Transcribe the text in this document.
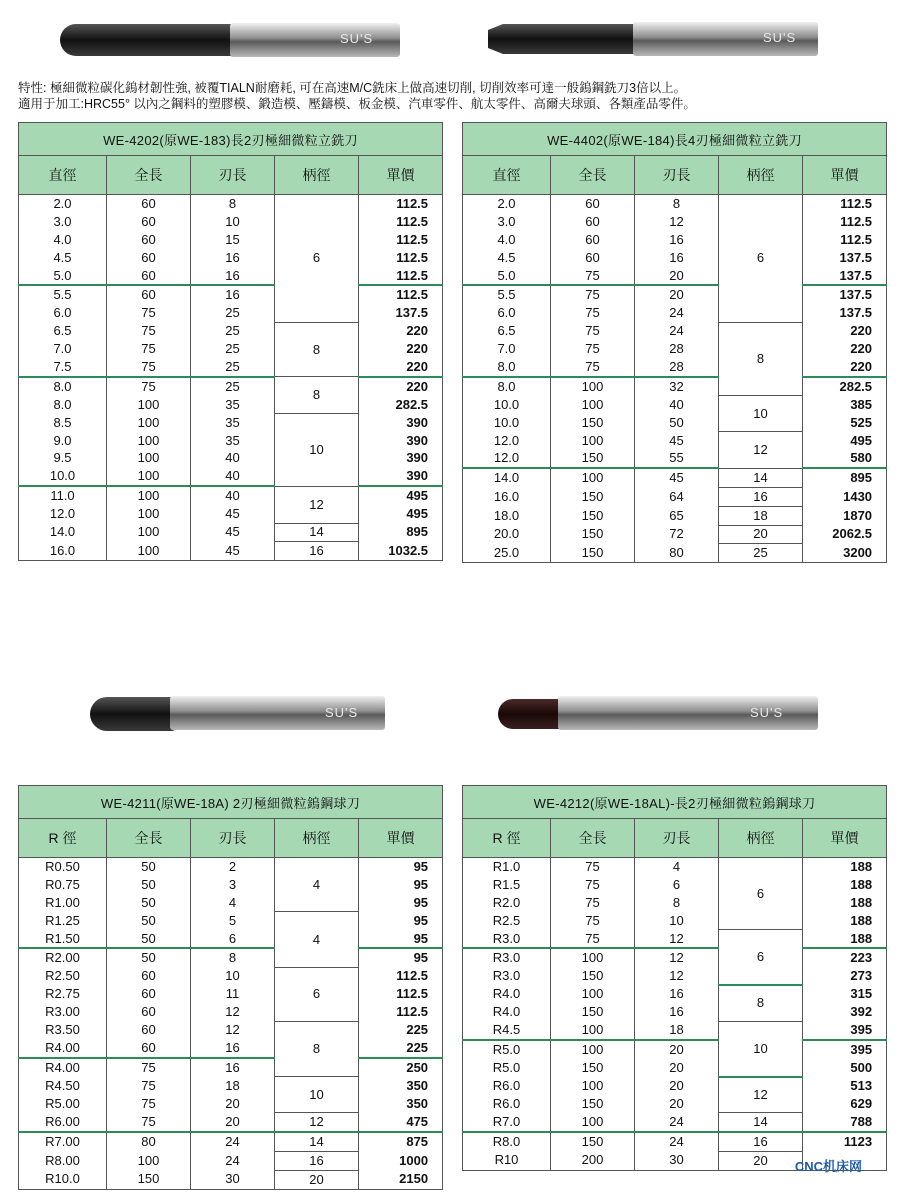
SU'S	SU'S
SU'S	SU'S
特性: 極細微粒碳化鎢材韌性強, 被覆TIALN耐磨耗, 可在高速M/C銑床上做高速切削, 切削效率可達一般鎢鋼銑刀3倍以上。
適用于加工:HRC55° 以內之鋼料的塑膠模、鍛造模、壓鑄模、板金模、汽車零件、航太零件、高爾夫球頭、各類產品零件。
WE-4202(原WE-183)長2刃極細微粒立銑刀				
直徑	全長	刃長	柄徑	單價
2.0	60	8	6	112.5
3.0	60	10		112.5
4.0	60	15		112.5
4.5	60	16		112.5
5.0	60	16		112.5
5.5	60	16		112.5
6.0	75	25		137.5
6.5	75	25	8	220
7.0	75	25		220
7.5	75	25		220
8.0	75	25	8	220
8.0	100	35		282.5
8.5	100	35	10	390
9.0	100	35		390
9.5	100	40		390
10.0	100	40		390
11.0	100	40	12	495
12.0	100	45		495
14.0	100	45	14	895
16.0	100	45	16	1032.5
WE-4402(原WE-184)長4刃極細微粒立銑刀				
直徑	全長	刃長	柄徑	單價
2.0	60	8	6	112.5
3.0	60	12		112.5
4.0	60	16		112.5
4.5	60	16		137.5
5.0	75	20		137.5
5.5	75	20		137.5
6.0	75	24		137.5
6.5	75	24	8	220
7.0	75	28		220
8.0	75	28		220
8.0	100	32		282.5
10.0	100	40	10	385
10.0	150	50		525
12.0	100	45	12	495
12.0	150	55		580
14.0	100	45	14	895
16.0	150	64	16	1430
18.0	150	65	18	1870
20.0	150	72	20	2062.5
25.0	150	80	25	3200
WE-4211(原WE-18A) 2刃極細微粒鎢鋼球刀				
R 徑	全長	刃長	柄徑	單價
R0.50	50	2	4	95
R0.75	50	3		95
R1.00	50	4		95
R1.25	50	5	4	95
R1.50	50	6		95
R2.00	50	8		95
R2.50	60	10	6	112.5
R2.75	60	11		112.5
R3.00	60	12		112.5
R3.50	60	12	8	225
R4.00	60	16		225
R4.00	75	16		250
R4.50	75	18	10	350
R5.00	75	20		350
R6.00	75	20	12	475
R7.00	80	24	14	875
R8.00	100	24	16	1000
R10.0	150	30	20	2150
WE-4212(原WE-18AL)-長2刃極細微粒鎢鋼球刀				
R 徑	全長	刃長	柄徑	單價
R1.0	75	4	6	188
R1.5	75	6		188
R2.0	75	8		188
R2.5	75	10		188
R3.0	75	12	6	188
R3.0	100	12		223
R3.0	150	12		273
R4.0	100	16	8	315
R4.0	150	16		392
R4.5	100	18	10	395
R5.0	100	20		395
R5.0	150	20		500
R6.0	100	20	12	513
R6.0	150	20		629
R7.0	100	24	14	788
R8.0	150	24	16	1123
R10	200	30	20	CNC机床网
